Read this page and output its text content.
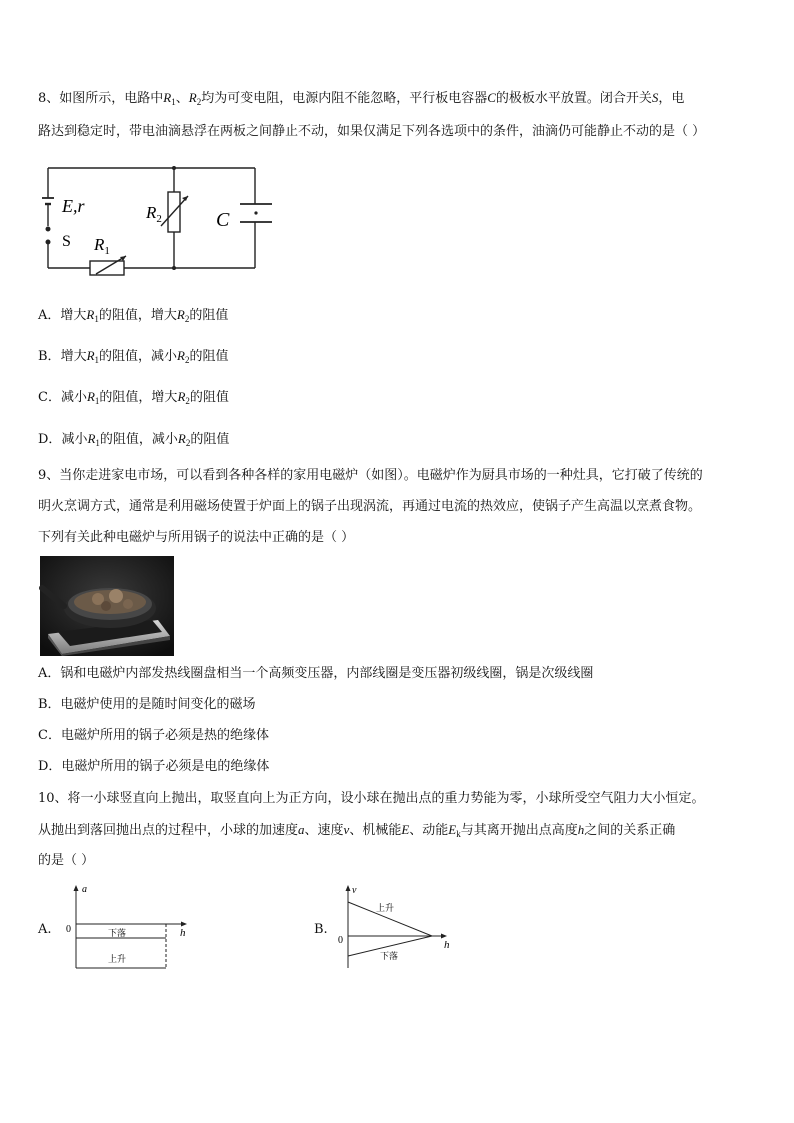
8、如图所示，电路中$R_1$、$R_2$均为可变电阻，电源内阻不能忽略，平行板电容器C的极板水平放置。闭合开关S，电
路达到稳定时，带电油滴悬浮在两板之间静止不动，如果仅满足下列各选项中的条件，油滴仍可能静止不动的是（ ）
E,r
S $R_1$
$R_2$	C
A．增大$R_1$的阻值，增大$R_2$的阻值
B．增大$R_1$的阻值，减小$R_2$的阻值
C．减小$R_1$的阻值，增大$R_2$的阻值
D．减小$R_1$的阻值，减小$R_2$的阻值
9、当你走进家电市场，可以看到各种各样的家用电磁炉（如图）。电磁炉作为厨具市场的一种灶具，它打破了传统的
明火烹调方式，通常是利用磁场使置于炉面上的锅子出现涡流，再通过电流的热效应，使锅子产生高温以烹煮食物。
下列有关此种电磁炉与所用锅子的说法中正确的是（ ）
A．锅和电磁炉内部发热线圈盘相当一个高频变压器，内部线圈是变压器初级线圈，锅是次级线圈
B．电磁炉使用的是随时间变化的磁场
C．电磁炉所用的锅子必须是热的绝缘体
D．电磁炉所用的锅子必须是电的绝缘体
10、将一小球竖直向上抛出，取竖直向上为正方向，设小球在抛出点的重力势能为零，小球所受空气阻力大小恒定。
从抛出到落回抛出点的过程中，小球的加速度a、速度v、机械能E、动能$E_k$与其离开抛出点高度h之间的关系正确
的是（ ）
A.
a
h
0	下落
上升
B.
v
h
0
上升
下落
